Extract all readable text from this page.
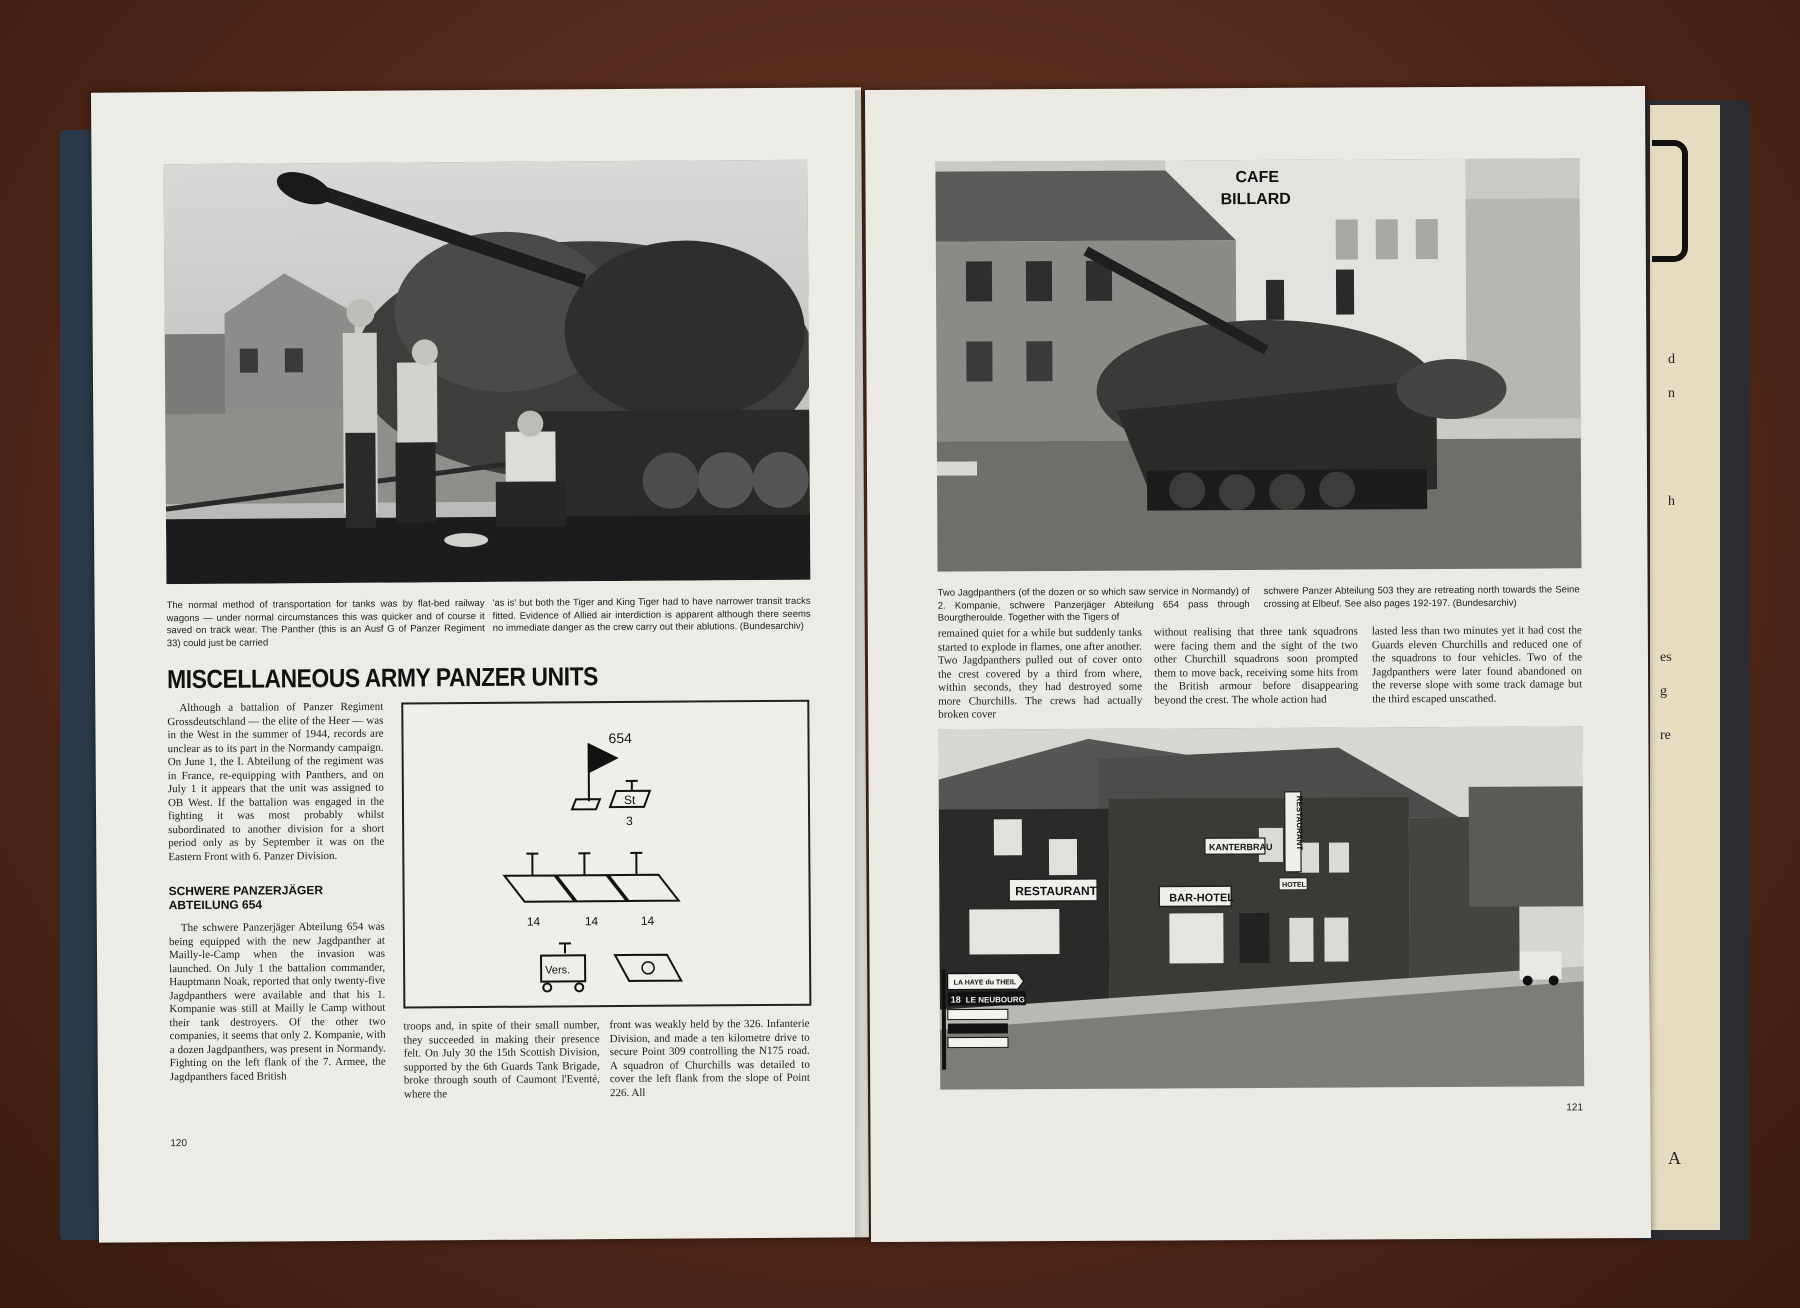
d
n
h
es
g
re
A
The normal method of transportation for tanks was by flat-bed railway wagons — under normal circumstances this was quicker and of course it saved on track wear. The Panther (this is an Ausf G of Panzer Regiment 33) could just be carried
'as is' but both the Tiger and King Tiger had to have narrower transit tracks fitted. Evidence of Allied air interdiction is apparent although there seems no immediate danger as the crew carry out their ablutions. (Bundesarchiv)
MISCELLANEOUS ARMY PANZER UNITS

Although a battalion of Panzer Regiment Grossdeutschland — the elite of the Heer — was in the West in the summer of 1944, records are unclear as to its part in the Normandy campaign. On June 1, the I. Abteilung of the regiment was in France, re-equipping with Panthers, and on July 1 it appears that the unit was assigned to OB West. If the battalion was engaged in the fighting it was most probably whilst subordinated to another division for a short period only as by September it was on the Eastern Front with 6. Panzer Division.

SCHWERE PANZERJÄGER
ABTEILUNG 654

The schwere Panzerjäger Abteilung 654 was being equipped with the new Jagdpanther at Mailly-le-Camp when the invasion was launched. On July 1 the battalion commander, Hauptmann Noak, reported that only twenty-five Jagdpanthers were available and that his 1. Kompanie was still at Mailly le Camp without their tank destroyers. Of the other two companies, it seems that only 2. Kompanie, with a dozen Jagdpanthers, was present in Normandy. Fighting on the left flank of the 7. Armee, the Jagdpanthers faced British

654
St
3
14	14	14
Vers.

troops and, in spite of their small number, they succeeded in making their presence felt. On July 30 the 15th Scottish Division, supported by the 6th Guards Tank Brigade, broke through south of Caumont l'Eventé, where the

front was weakly held by the 326. Infanterie Division, and made a ten kilometre drive to secure Point 309 controlling the N175 road. A squadron of Churchills was detailed to cover the left flank from the slope of Point 226. All

120
CAFE
BILLARD
Two Jagdpanthers (of the dozen or so which saw service in Normandy) of 2. Kompanie, schwere Panzerjäger Abteilung 654 pass through Bourgtheroulde. Together with the Tigers of
schwere Panzer Abteilung 503 they are retreating north towards the Seine crossing at Elbeuf. See also pages 192-197. (Bundesarchiv)

remained quiet for a while but suddenly tanks started to explode in flames, one after another. Two Jagdpanthers pulled out of cover onto the crest covered by a third from where, within seconds, they had destroyed some more Churchills. The crews had actually broken cover

without realising that three tank squadrons were facing them and the sight of the two other Churchill squadrons soon prompted them to move back, receiving some hits from the British armour before disappearing beyond the crest. The whole action had

lasted less than two minutes yet it had cost the Guards eleven Churchills and reduced one of the squadrons to four vehicles. Two of the Jagdpanthers were later found abandoned on the reverse slope with some track damage but the third escaped unscathed.

RESTAURANT
BAR-HOTEL
KANTERBRAU	RESTAURANT
HOTEL
LA HAYE du THEIL
18 LE NEUBOURG
121
